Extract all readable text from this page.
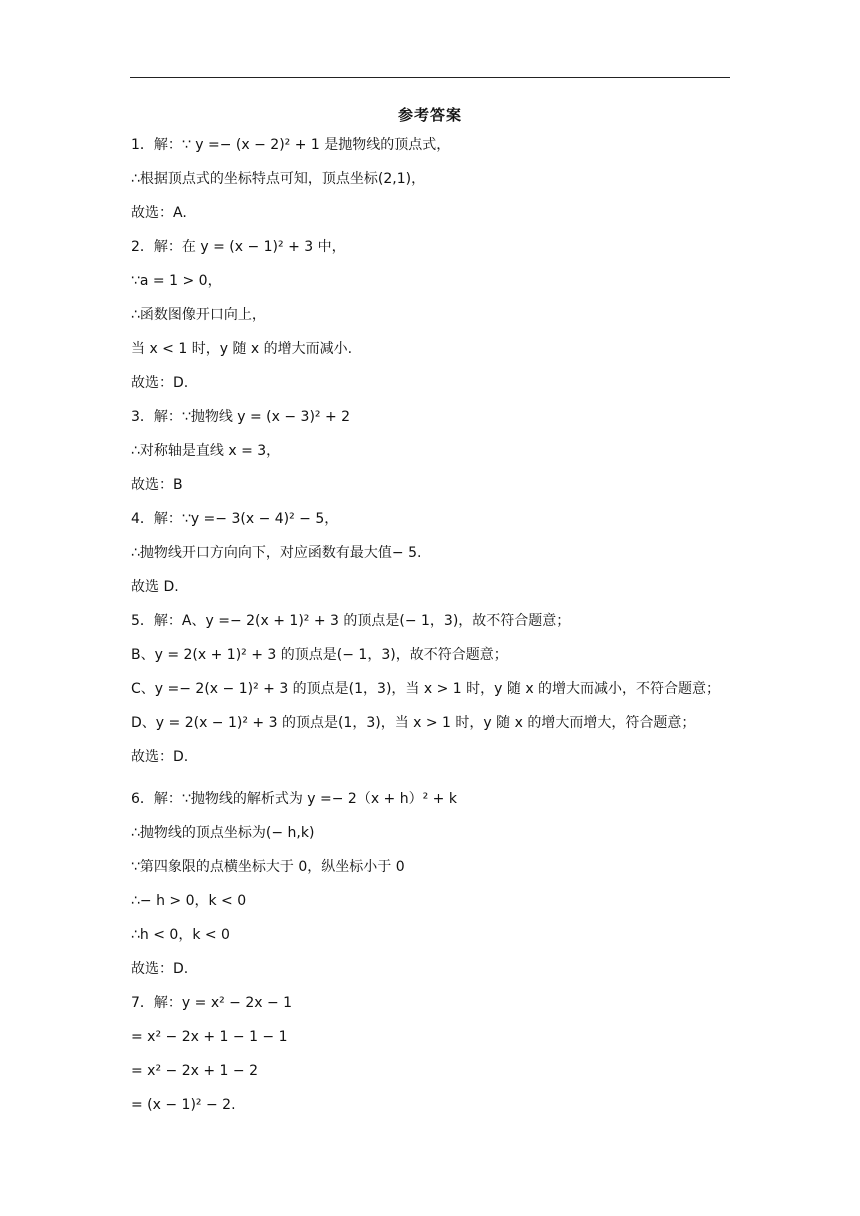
参考答案
1．解：∵ y =− (x − 2)² + 1 是抛物线的顶点式，
∴根据顶点式的坐标特点可知，顶点坐标(2,1)，
故选：A.
2．解：在 y = (x − 1)² + 3 中，
∵a = 1 > 0，
∴函数图像开口向上，
当 x < 1 时，y 随 x 的增大而减小.
故选：D.
3．解：∵抛物线 y = (x − 3)² + 2
∴对称轴是直线 x = 3，
故选：B
4．解：∵y =− 3(x − 4)² − 5，
∴抛物线开口方向向下，对应函数有最大值− 5.
故选 D.
5．解：A、y =− 2(x + 1)² + 3 的顶点是(− 1，3)，故不符合题意；
B、y = 2(x + 1)² + 3 的顶点是(− 1，3)，故不符合题意；
C、y =− 2(x − 1)² + 3 的顶点是(1，3)，当 x > 1 时，y 随 x 的增大而减小，不符合题意；
D、y = 2(x − 1)² + 3 的顶点是(1，3)，当 x > 1 时，y 随 x 的增大而增大，符合题意；
故选：D.
6．解：∵抛物线的解析式为 y =− 2（x + h）² + k
∴抛物线的顶点坐标为(− h,k)
∵第四象限的点横坐标大于 0，纵坐标小于 0
∴− h > 0，k < 0
∴h < 0，k < 0
故选：D.
7．解：y = x² − 2x − 1
= x² − 2x + 1 − 1 − 1
= x² − 2x + 1 − 2
= (x − 1)² − 2.
